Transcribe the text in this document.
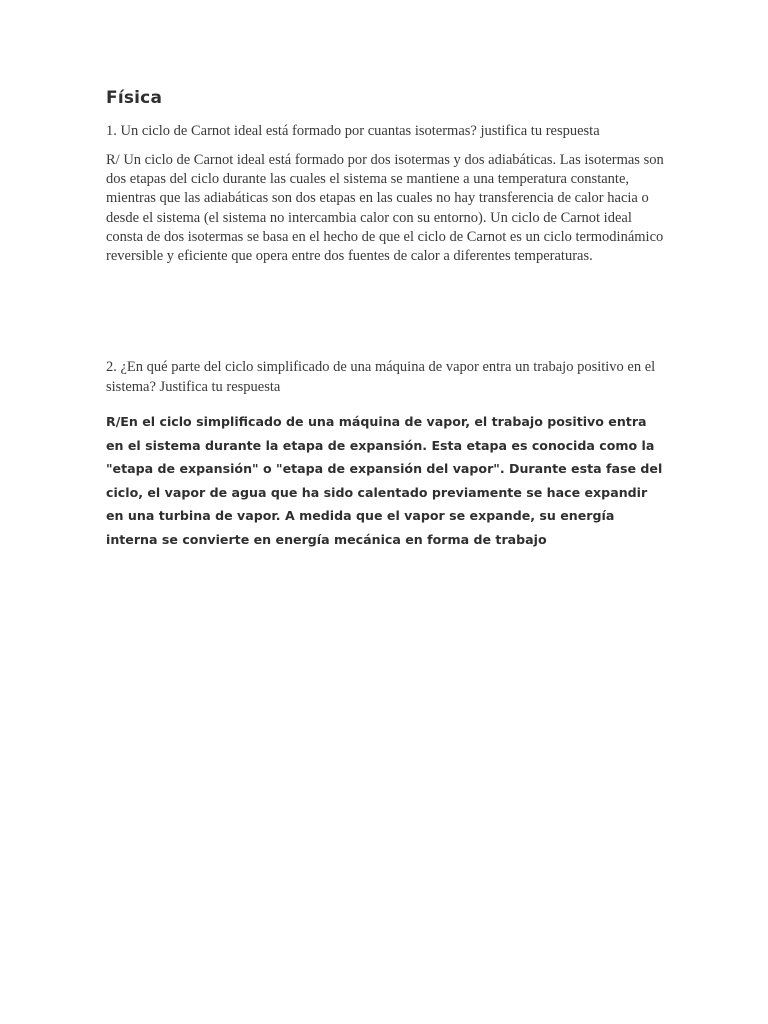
Física
1. Un ciclo de Carnot ideal está formado por cuantas isotermas? justifica tu respuesta
R/ Un ciclo de Carnot ideal está formado por dos isotermas y dos adiabáticas. Las isotermas son dos etapas del ciclo durante las cuales el sistema se mantiene a una temperatura constante, mientras que las adiabáticas son dos etapas en las cuales no hay transferencia de calor hacia o desde el sistema (el sistema no intercambia calor con su entorno). Un ciclo de Carnot ideal consta de dos isotermas se basa en el hecho de que el ciclo de Carnot es un ciclo termodinámico reversible y eficiente que opera entre dos fuentes de calor a diferentes temperaturas.
2. ¿En qué parte del ciclo simplificado de una máquina de vapor entra un trabajo positivo en el sistema? Justifica tu respuesta
R/En el ciclo simplificado de una máquina de vapor, el trabajo positivo entra en el sistema durante la etapa de expansión. Esta etapa es conocida como la "etapa de expansión" o "etapa de expansión del vapor". Durante esta fase del ciclo, el vapor de agua que ha sido calentado previamente se hace expandir en una turbina de vapor. A medida que el vapor se expande, su energía interna se convierte en energía mecánica en forma de trabajo
